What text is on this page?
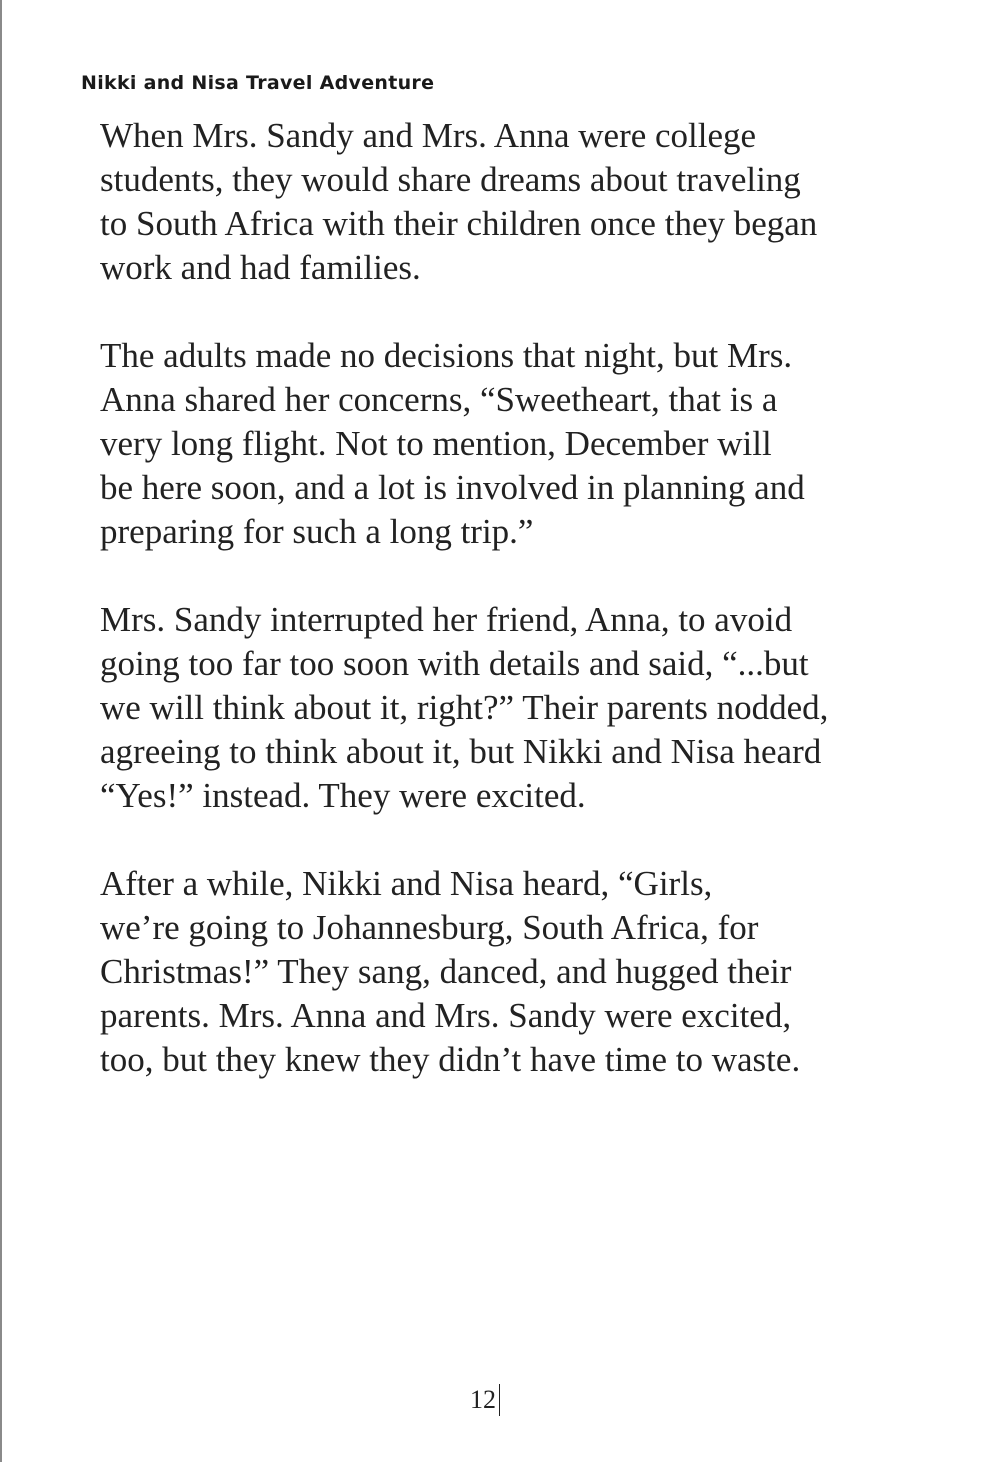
Nikki and Nisa Travel Adventure

When Mrs. Sandy and Mrs. Anna were college
students, they would share dreams about traveling
to South Africa with their children once they began
work and had families.

The adults made no decisions that night, but Mrs.
Anna shared her concerns, “Sweetheart, that is a
very long flight. Not to mention, December will
be here soon, and a lot is involved in planning and
preparing for such a long trip.”

Mrs. Sandy interrupted her friend, Anna, to avoid
going too far too soon with details and said, “...but
we will think about it, right?” Their parents nodded,
agreeing to think about it, but Nikki and Nisa heard
“Yes!” instead. They were excited.

After a while, Nikki and Nisa heard, “Girls,
we’re going to Johannesburg, South Africa, for
Christmas!” They sang, danced, and hugged their
parents. Mrs. Anna and Mrs. Sandy were excited,
too, but they knew they didn’t have time to waste.

12
